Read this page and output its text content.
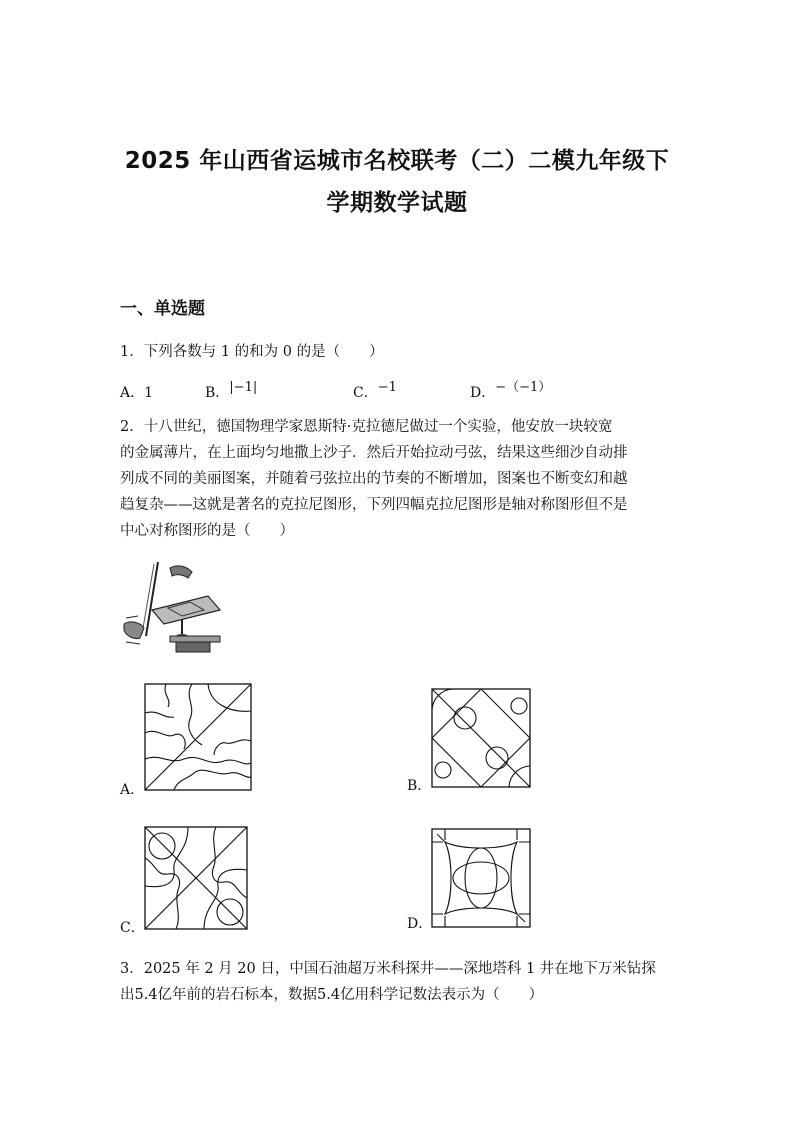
2025 年山西省运城市名校联考（二）二模九年级下
学期数学试题
一、单选题
1．下列各数与 1 的和为 0 的是（　　）
A．1	B．|−1|	C．−1	D．−（−1）
2．十八世纪，德国物理学家恩斯特·克拉德尼做过一个实验，他安放一块较宽
的金属薄片，在上面均匀地撒上沙子．然后开始拉动弓弦，结果这些细沙自动排
列成不同的美丽图案，并随着弓弦拉出的节奏的不断增加，图案也不断变幻和越
趋复杂——这就是著名的克拉尼图形，下列四幅克拉尼图形是轴对称图形但不是
中心对称图形的是（　　）
A．	B．
C．	D．
3．2025 年 2 月 20 日，中国石油超万米科探井——深地塔科 1 井在地下万米钻探
出5.4亿年前的岩石标本，数据5.4亿用科学记数法表示为（　　）
